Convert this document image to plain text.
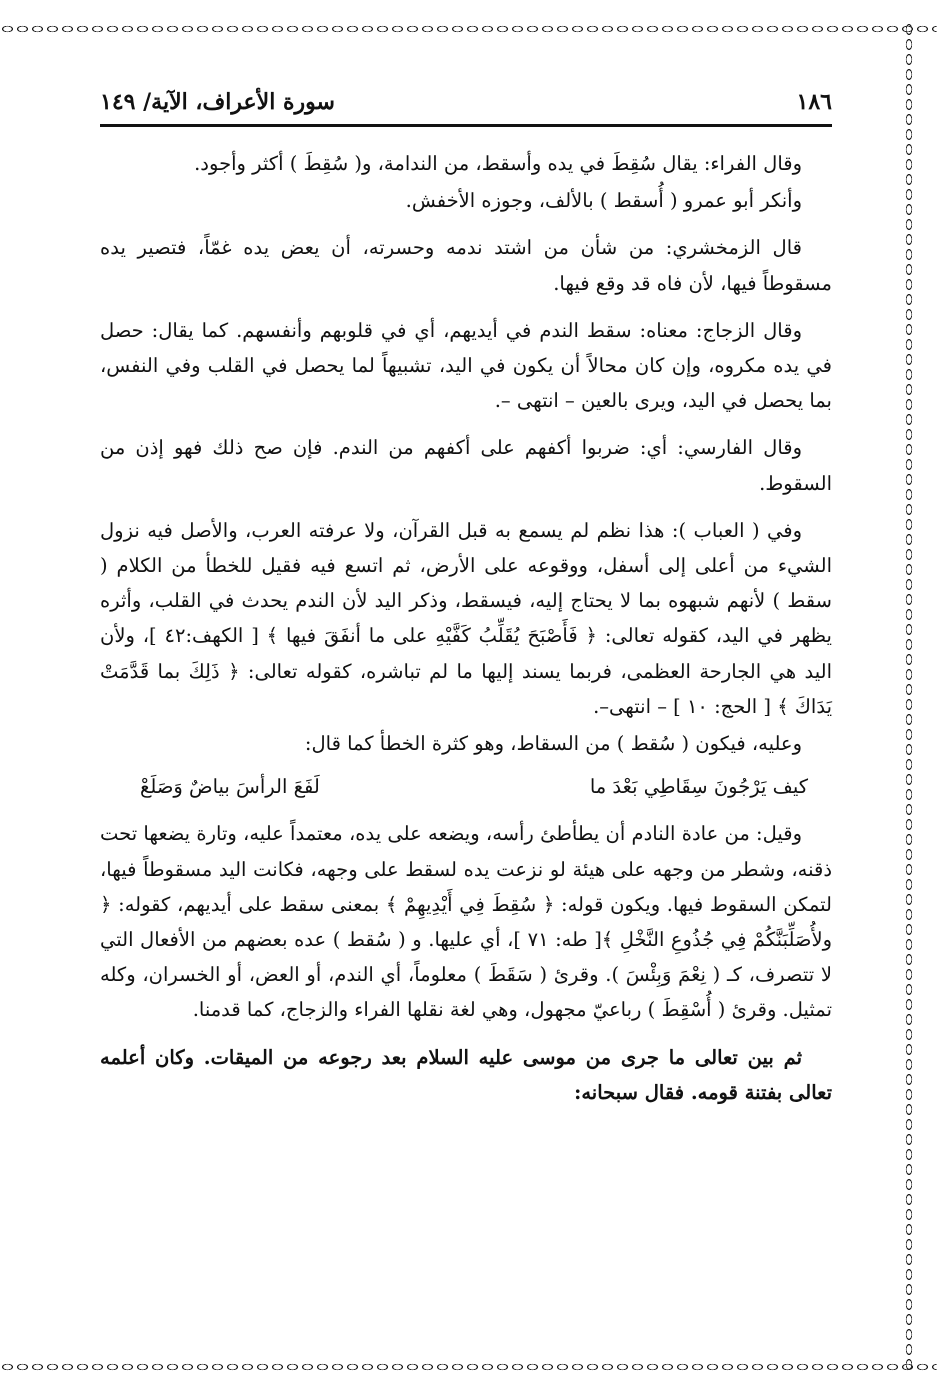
١٨٦
سورة الأعراف، الآية/ ١٤٩

وقال الفراء: يقال سُقِطَ في يده وأسقط، من الندامة، و( سُقِطَ ) أكثر وأجود.

وأنكر أبو عمرو ( أُسقط ) بالألف، وجوزه الأخفش.

قال الزمخشري: من شأن من اشتد ندمه وحسرته، أن يعض يده غمّاً، فتصير يده مسقوطاً فيها، لأن فاه قد وقع فيها.

وقال الزجاج: معناه: سقط الندم في أيديهم، أي في قلوبهم وأنفسهم. كما يقال: حصل في يده مكروه، وإن كان محالاً أن يكون في اليد، تشبيهاً لما يحصل في القلب وفي النفس، بما يحصل في اليد، ويرى بالعين – انتهى –.

وقال الفارسي: أي: ضربوا أكفهم على أكفهم من الندم. فإن صح ذلك فهو إذن من السقوط.

وفي ( العباب ): هذا نظم لم يسمع به قبل القرآن، ولا عرفته العرب، والأصل فيه نزول الشيء من أعلى إلى أسفل، ووقوعه على الأرض، ثم اتسع فيه فقيل للخطأ من الكلام ( سقط ) لأنهم شبهوه بما لا يحتاج إليه، فيسقط، وذكر اليد لأن الندم يحدث في القلب، وأثره يظهر في اليد، كقوله تعالى: ﴿ فَأَصْبَحَ يُقَلِّبُ كَفَّيْهِ على ما أنفَقَ فيها ﴾ [ الكهف:٤٢ ]، ولأن اليد هي الجارحة العظمى، فربما يسند إليها ما لم تباشره، كقوله تعالى: ﴿ ذَلِكَ بما قَدَّمَتْ يَدَاكَ ﴾ [ الحج: ١٠ ] – انتهى–.

وعليه، فيكون ( سُقط ) من السقاط، وهو كثرة الخطأ كما قال:

كيف يَرْجُونَ سِقَاطِي بَعْدَ ما
لَفَعَ الرأسَ بياضٌ وَصَلَعْ

وقيل: من عادة النادم أن يطأطئ رأسه، ويضعه على يده، معتمداً عليه، وتارة يضعها تحت ذقنه، وشطر من وجهه على هيئة لو نزعت يده لسقط على وجهه، فكانت اليد مسقوطاً فيها، لتمكن السقوط فيها. ويكون قوله: ﴿ سُقِطَ فِي أَيْدِيهِمْ ﴾ بمعنى سقط على أيديهم، كقوله: ﴿ ولأُصَلِّبَنَّكُمْ فِي جُذُوعِ النَّخْلِ ﴾[ طه: ٧١ ]، أي عليها. و ( سُقط ) عده بعضهم من الأفعال التي لا تتصرف، كـ ( نِعْمَ وَبِئْسَ ). وقرئ ( سَقَطَ ) معلوماً، أي الندم، أو العض، أو الخسران، وكله تمثيل. وقرئ ( أُسْقِطَ ) رباعيّ مجهول، وهي لغة نقلها الفراء والزجاج، كما قدمنا.

ثم بين تعالى ما جرى من موسى عليه السلام بعد رجوعه من الميقات. وكان أعلمه تعالى بفتنة قومه. فقال سبحانه:
